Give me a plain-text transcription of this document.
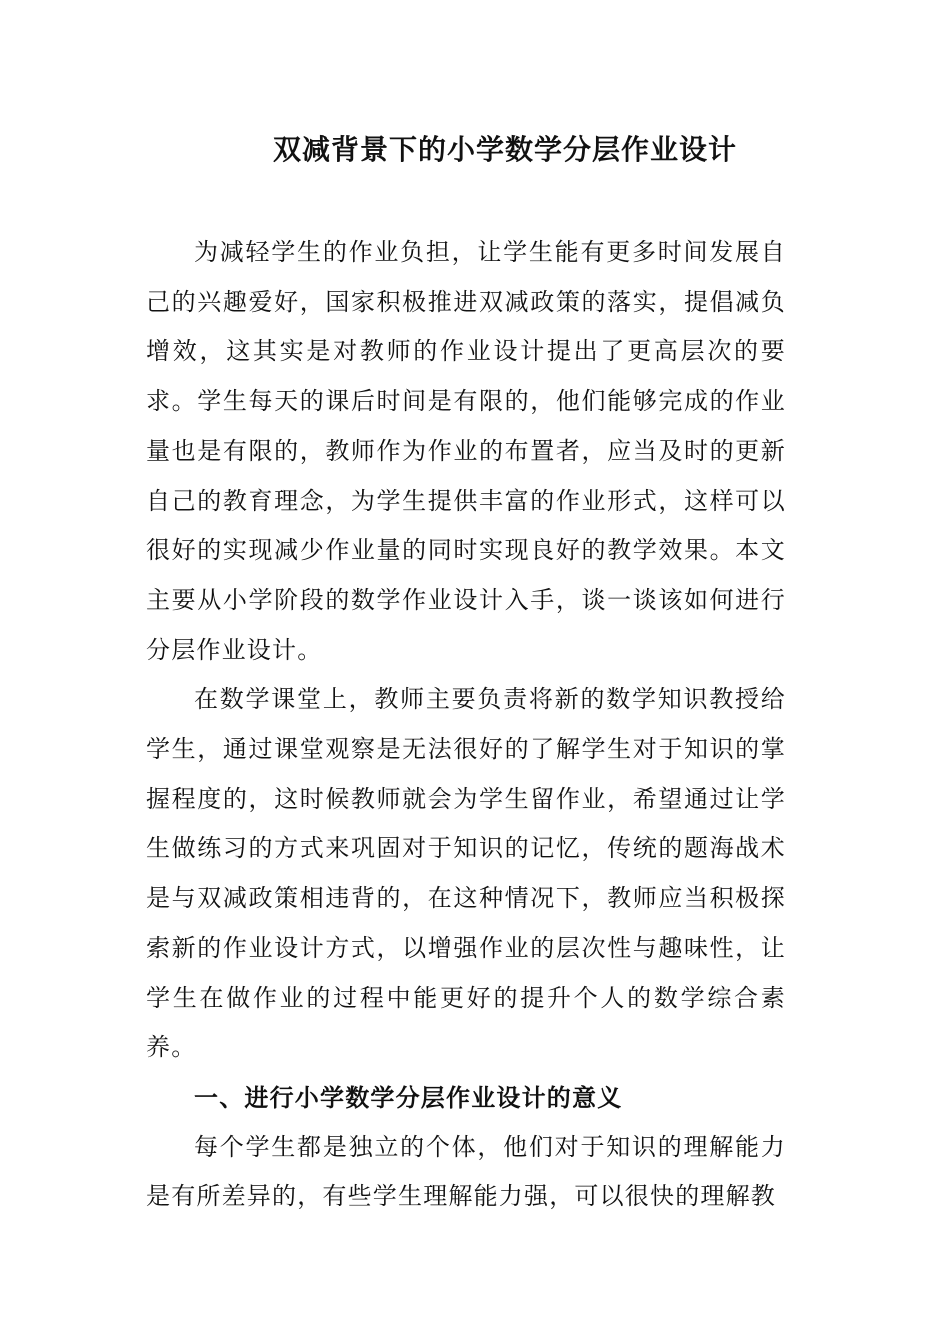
双减背景下的小学数学分层作业设计

为减轻学生的作业负担，让学生能有更多时间发展自己的兴趣爱好，国家积极推进双减政策的落实，提倡减负增效，这其实是对教师的作业设计提出了更高层次的要求。学生每天的课后时间是有限的，他们能够完成的作业量也是有限的，教师作为作业的布置者，应当及时的更新自己的教育理念，为学生提供丰富的作业形式，这样可以很好的实现减少作业量的同时实现良好的教学效果。本文主要从小学阶段的数学作业设计入手，谈一谈该如何进行分层作业设计。

在数学课堂上，教师主要负责将新的数学知识教授给学生，通过课堂观察是无法很好的了解学生对于知识的掌握程度的，这时候教师就会为学生留作业，希望通过让学生做练习的方式来巩固对于知识的记忆，传统的题海战术是与双减政策相违背的，在这种情况下，教师应当积极探索新的作业设计方式，以增强作业的层次性与趣味性，让学生在做作业的过程中能更好的提升个人的数学综合素养。

一、进行小学数学分层作业设计的意义

每个学生都是独立的个体，他们对于知识的理解能力是有所差异的，有些学生理解能力强，可以很快的理解教
